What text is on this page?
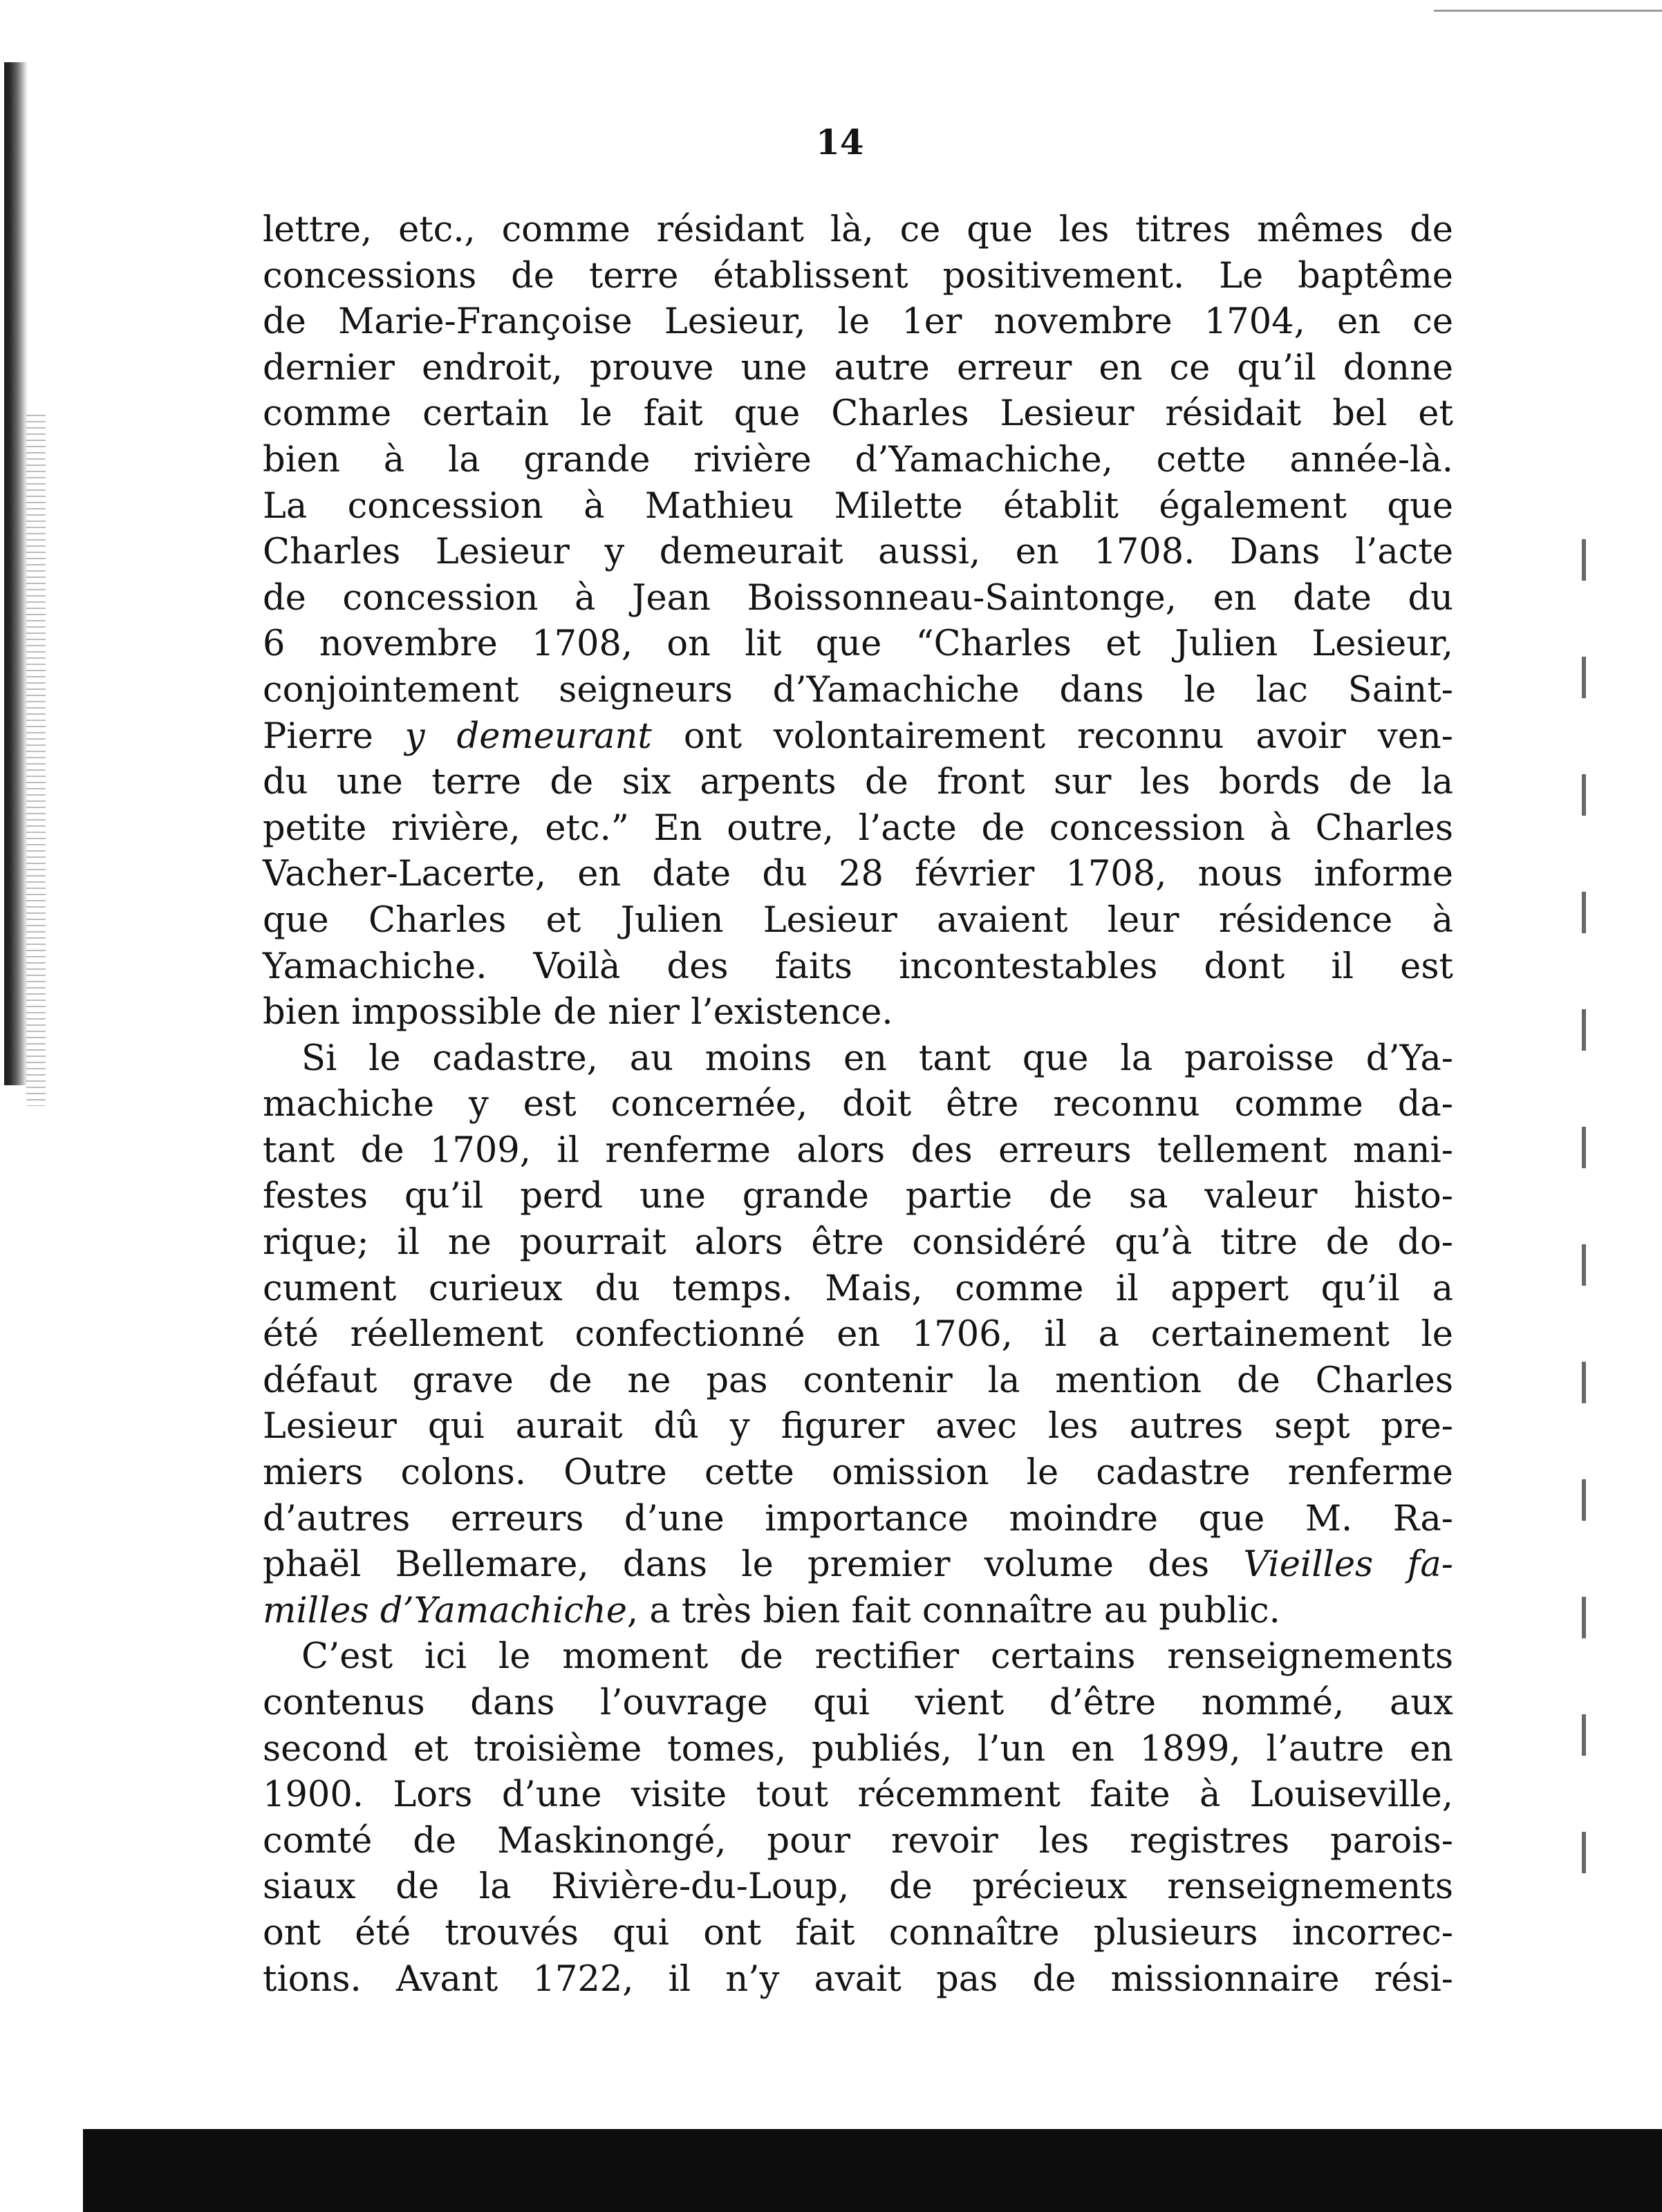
14
lettre, etc., comme résidant là, ce que les titres mêmes de
concessions de terre établissent positivement. Le baptême
de Marie-Françoise Lesieur, le 1er novembre 1704, en ce
dernier endroit, prouve une autre erreur en ce qu’il donne
comme certain le fait que Charles Lesieur résidait bel et
bien à la grande rivière d’Yamachiche, cette année-là.
La concession à Mathieu Milette établit également que
Charles Lesieur y demeurait aussi, en 1708. Dans l’acte
de concession à Jean Boissonneau-Saintonge, en date du
6 novembre 1708, on lit que “Charles et Julien Lesieur,
conjointement seigneurs d’Yamachiche dans le lac Saint-
Pierre y demeurant ont volontairement reconnu avoir ven-
du une terre de six arpents de front sur les bords de la
petite rivière, etc.” En outre, l’acte de concession à Charles
Vacher-Lacerte, en date du 28 février 1708, nous informe
que Charles et Julien Lesieur avaient leur résidence à
Yamachiche. Voilà des faits incontestables dont il est
bien impossible de nier l’existence.
Si le cadastre, au moins en tant que la paroisse d’Ya-
machiche y est concernée, doit être reconnu comme da-
tant de 1709, il renferme alors des erreurs tellement mani-
festes qu’il perd une grande partie de sa valeur histo-
rique; il ne pourrait alors être considéré qu’à titre de do-
cument curieux du temps. Mais, comme il appert qu’il a
été réellement confectionné en 1706, il a certainement le
défaut grave de ne pas contenir la mention de Charles
Lesieur qui aurait dû y figurer avec les autres sept pre-
miers colons. Outre cette omission le cadastre renferme
d’autres erreurs d’une importance moindre que M. Ra-
phaël Bellemare, dans le premier volume des Vieilles fa-
milles d’Yamachiche, a très bien fait connaître au public.
C’est ici le moment de rectifier certains renseignements
contenus dans l’ouvrage qui vient d’être nommé, aux
second et troisième tomes, publiés, l’un en 1899, l’autre en
1900. Lors d’une visite tout récemment faite à Louiseville,
comté de Maskinongé, pour revoir les registres parois-
siaux de la Rivière-du-Loup, de précieux renseignements
ont été trouvés qui ont fait connaître plusieurs incorrec-
tions. Avant 1722, il n’y avait pas de missionnaire rési-
